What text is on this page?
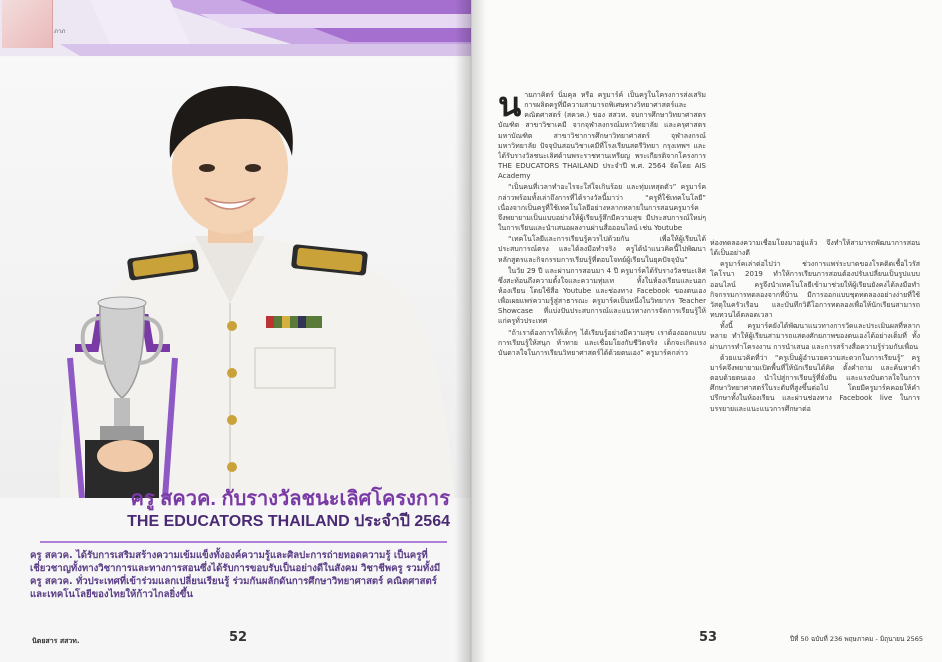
ภาภ
ครู สควค. กับรางวัลชนะเลิศโครงการ
THE EDUCATORS THAILAND ประจำปี 2564
ครู สควค. ได้รับการเสริมสร้างความเข้มแข็งทั้งองค์ความรู้และศิลปะการถ่ายทอดความรู้ เป็นครูที่เชี่ยวชาญทั้งทางวิชาการและทางการสอนซึ่งได้รับการขอบรับเป็นอย่างดีในสังคม วิชาชีพครู รวมทั้งมีครู สควค. ทั่วประเทศที่เข้าร่วมแลกเปลี่ยนเรียนรู้ ร่วมกันผลักดันการศึกษาวิทยาศาสตร์ คณิตศาสตร์ และเทคโนโลยีของไทยให้ก้าวไกลยิ่งขึ้น
นิตยสาร สสวท.	52
น ายภาคิตร์ นิ่มคุล หรือ ครูมาร์ค์ เป็นครูในโครงการส่งเสริมการผลิตครูที่มีความสามารถพิเศษทางวิทยาศาสตร์และคณิตศาสตร์ (สควค.) ของ สสวท. จบการศึกษาวิทยาศาสตรบัณฑิต สาขาวิชาเคมี จากจุฬาลงกรณ์มหาวิทยาลัย และครุศาสตรมหาบัณฑิต สาขาวิชาการศึกษาวิทยาศาสตร์ จุฬาลงกรณ์มหาวิทยาลัย ปัจจุบันสอนวิชาเคมีที่โรงเรียนสตรีวิทยา กรุงเทพฯ และได้รับรางวัลชนะเลิศด้านพระราชทานเหรียญ พระเกียรติจากโครงการ THE EDUCATORS THAILAND ประจำปี พ.ศ. 2564 จัดโดย AIS Academy

“เป็นคนที่เวลาทำอะไรจะใส่ใจเกินร้อย และทุ่มเทสุดตัว” ครูมาร์คกล่าวพร้อมทั้งเล่าถึงการที่ได้รางวัลนี้มาว่า “ครูที่ใช้เทคโนโลยี” เนื่องจากเป็นครูที่ใช้เทคโนโลยีอย่างหลากหลายในการสอนครูมาร์คจึงพยายามเป็นแบบอย่างให้ผู้เรียนรู้สึกมีความสุข มีประสบการณ์ใหม่ๆ ในการเรียนและนำเสนอผลงานผ่านสื่อออนไลน์ เช่น Youtube

“เทคโนโลยีและการเรียนรู้ควรไปด้วยกัน เพื่อให้ผู้เรียนได้ประสบการณ์ตรง และได้ลงมือทำจริง ครูได้นำแนวคิดนี้ไปพัฒนาหลักสูตรและกิจกรรมการเรียนรู้ที่ตอบโจทย์ผู้เรียนในยุคปัจจุบัน”

ในวัย 29 ปี และผ่านการสอนมา 4 ปี ครูมาร์คได้รับรางวัลชนะเลิศซึ่งสะท้อนถึงความตั้งใจและความทุ่มเท ทั้งในห้องเรียนและนอกห้องเรียน โดยใช้สื่อ Youtube และช่องทาง Facebook ของตนเองเพื่อเผยแพร่ความรู้สู่สาธารณะ ครูมาร์คเป็นหนึ่งในวิทยากร Teacher Showcase ที่แบ่งปันประสบการณ์และแนวทางการจัดการเรียนรู้ให้แก่ครูทั่วประเทศ

“ถ้าเราต้องการให้เด็กๆ ได้เรียนรู้อย่างมีความสุข เราต้องออกแบบการเรียนรู้ให้สนุก ท้าทาย และเชื่อมโยงกับชีวิตจริง เด็กจะเกิดแรงบันดาลใจในการเรียนวิทยาศาสตร์ได้ด้วยตนเอง” ครูมาร์คกล่าว

ห่องทดลองความเชื่อมโยงมาอยู่แล้ว จึงทำให้สามารถพัฒนาการสอนได้เป็นอย่างดี

ครูมาร์คเล่าต่อไปว่า ช่วงการแพร่ระบาดของโรคติดเชื้อไวรัสโคโรนา 2019 ทำให้การเรียนการสอนต้องปรับเปลี่ยนเป็นรูปแบบออนไลน์ ครูจึงนำเทคโนโลยีเข้ามาช่วยให้ผู้เรียนยังคงได้ลงมือทำกิจกรรมการทดลองจากที่บ้าน มีการออกแบบชุดทดลองอย่างง่ายที่ใช้วัสดุในครัวเรือน และบันทึกวิดีโอการทดลองเพื่อให้นักเรียนสามารถทบทวนได้ตลอดเวลา

ทั้งนี้ ครูมาร์คยังได้พัฒนาแนวทางการวัดและประเมินผลที่หลากหลาย ทำให้ผู้เรียนสามารถแสดงศักยภาพของตนเองได้อย่างเต็มที่ ทั้งผ่านการทำโครงงาน การนำเสนอ และการสร้างสื่อความรู้ร่วมกับเพื่อน

ด้วยแนวคิดที่ว่า “ครูเป็นผู้อำนวยความสะดวกในการเรียนรู้” ครูมาร์คจึงพยายามเปิดพื้นที่ให้นักเรียนได้คิด ตั้งคำถาม และค้นหาคำตอบด้วยตนเอง นำไปสู่การเรียนรู้ที่ยั่งยืน และแรงบันดาลใจในการศึกษาวิทยาศาสตร์ในระดับที่สูงขึ้นต่อไป โดยมีครูมาร์คคอยให้คำปรึกษาทั้งในห้องเรียน และผ่านช่องทาง Facebook live ในการบรรยายและแนะแนวการศึกษาต่อ

53	ปีที่ 50 ฉบับที่ 236 พฤษภาคม - มิถุนายน 2565
